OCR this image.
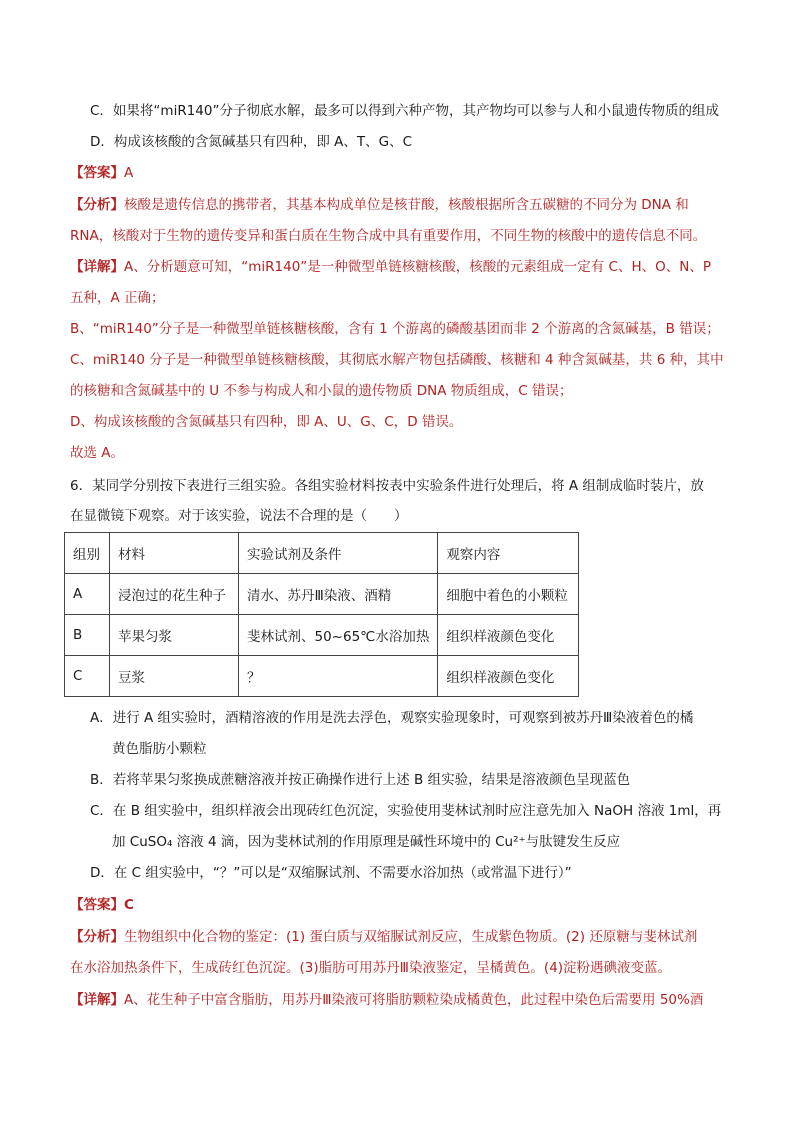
C．如果将“miR140”分子彻底水解，最多可以得到六种产物，其产物均可以参与人和小鼠遗传物质的组成
D．构成该核酸的含氮碱基只有四种，即 A、T、G、C
【答案】A
【分析】核酸是遗传信息的携带者，其基本构成单位是核苷酸，核酸根据所含五碳糖的不同分为 DNA 和
RNA，核酸对于生物的遗传变异和蛋白质在生物合成中具有重要作用，不同生物的核酸中的遗传信息不同。
【详解】A、分析题意可知，“miR140”是一种微型单链核糖核酸，核酸的元素组成一定有 C、H、O、N、P
五种，A 正确；
B、“miR140”分子是一种微型单链核糖核酸，含有 1 个游离的磷酸基团而非 2 个游离的含氮碱基，B 错误；
C、miR140 分子是一种微型单链核糖核酸，其彻底水解产物包括磷酸、核糖和 4 种含氮碱基，共 6 种，其中
的核糖和含氮碱基中的 U 不参与构成人和小鼠的遗传物质 DNA 物质组成，C 错误；
D、构成该核酸的含氮碱基只有四种，即 A、U、G、C，D 错误。
故选 A。
6．某同学分别按下表进行三组实验。各组实验材料按表中实验条件进行处理后，将 A 组制成临时装片，放
在显微镜下观察。对于该实验，说法不合理的是（　　）
组别	材料	实验试剂及条件	观察内容
A	浸泡过的花生种子	清水、苏丹Ⅲ染液、酒精	细胞中着色的小颗粒
B	苹果匀浆	斐林试剂、50~65℃水浴加热	组织样液颜色变化
C	豆浆	？	组织样液颜色变化
A．进行 A 组实验时，酒精溶液的作用是洗去浮色，观察实验现象时，可观察到被苏丹Ⅲ染液着色的橘
黄色脂肪小颗粒
B．若将苹果匀浆换成蔗糖溶液并按正确操作进行上述 B 组实验，结果是溶液颜色呈现蓝色
C．在 B 组实验中，组织样液会出现砖红色沉淀，实验使用斐林试剂时应注意先加入 NaOH 溶液 1ml，再
加 CuSO₄ 溶液 4 滴，因为斐林试剂的作用原理是碱性环境中的 Cu²⁺与肽键发生反应
D．在 C 组实验中，“？”可以是“双缩脲试剂、不需要水浴加热（或常温下进行）”
【答案】C
【分析】生物组织中化合物的鉴定：(1) 蛋白质与双缩脲试剂反应，生成紫色物质。(2) 还原糖与斐林试剂
在水浴加热条件下，生成砖红色沉淀。(3)脂肪可用苏丹Ⅲ染液鉴定，呈橘黄色。(4)淀粉遇碘液变蓝。
【详解】A、花生种子中富含脂肪，用苏丹Ⅲ染液可将脂肪颗粒染成橘黄色，此过程中染色后需要用 50%酒
